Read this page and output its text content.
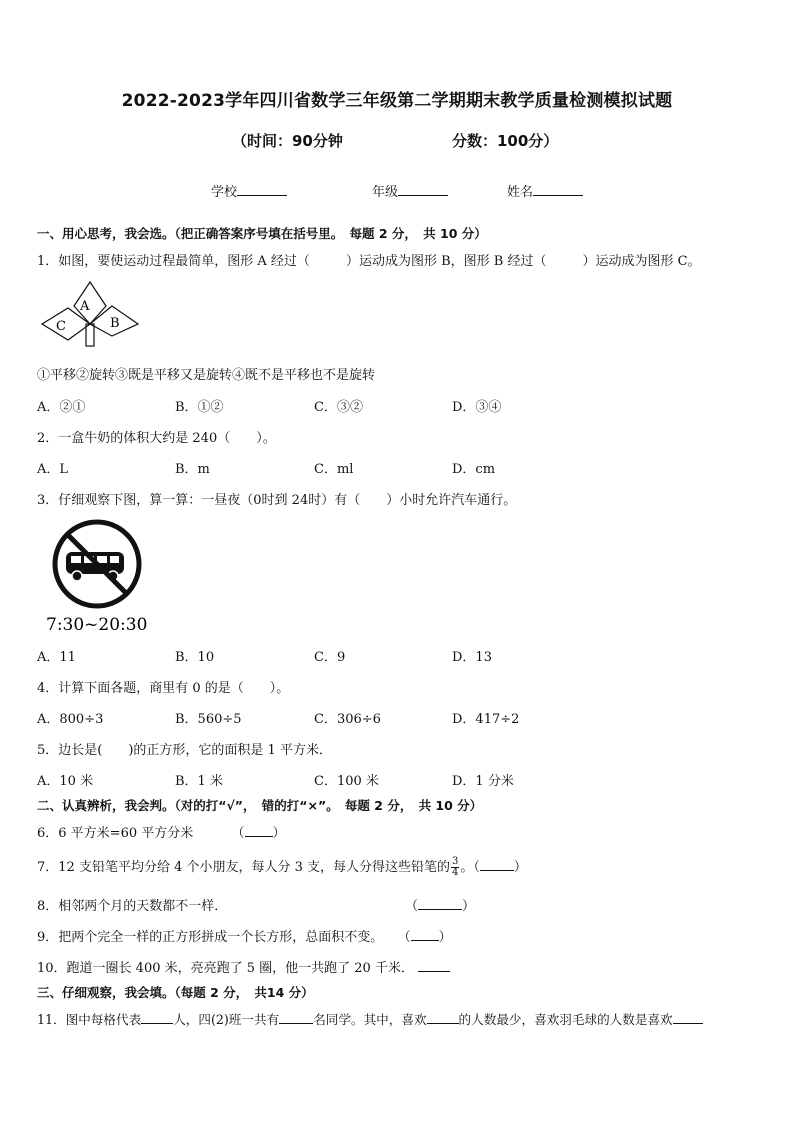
2022-2023学年四川省数学三年级第二学期期末教学质量检测模拟试题
（时间：90分钟	分数：100分）
学校	年级	姓名
一、用心思考，我会选。（把正确答案序号填在括号里。　每题 2 分，　共 10 分）
1．如图，要使运动过程最简单，图形 A 经过（	）运动成为图形 B，图形 B 经过（	）运动成为图形 C。
A
B
C
①平移②旋转③既是平移又是旋转④既不是平移也不是旋转
A．②①	B．①②	C．③②	D．③④
2．一盒牛奶的体积大约是 240（　　）。
A．L	B．m	C．ml	D．cm
3．仔细观察下图，算一算：一昼夜（0时到 24时）有（　　）小时允许汽车通行。
7:30~20:30
A．11	B．10	C．9	D．13
4．计算下面各题，商里有 0 的是（　　）。
A．800÷3	B．560÷5	C．306÷6	D．417÷2
5．边长是( )的正方形，它的面积是 1 平方米．
A．10 米	B．1 米	C．100 米	D．1 分米
二、认真辨析，我会判。（对的打“√”，　错的打“×”。　每题 2 分，　共 10 分）
6．6 平方米=60 平方分米	（ ）
7．12 支铅笔平均分给 4 个小朋友，每人分 3 支，每人分得这些铅笔的 $\frac{3}{4}$ 。（	）
8．相邻两个月的天数都不一样．	（	）
9．把两个完全一样的正方形拼成一个长方形，总面积不变。 （ ）
10．跑道一圈长 400 米，亮亮跑了 5 圈，他一共跑了 20 千米．
三、仔细观察，我会填。（每题 2 分，　共14 分）
11．图中每格代表	人，四(2)班一共有	名同学。其中，喜欢	的人数最少，喜欢羽毛球的人数是喜欢
